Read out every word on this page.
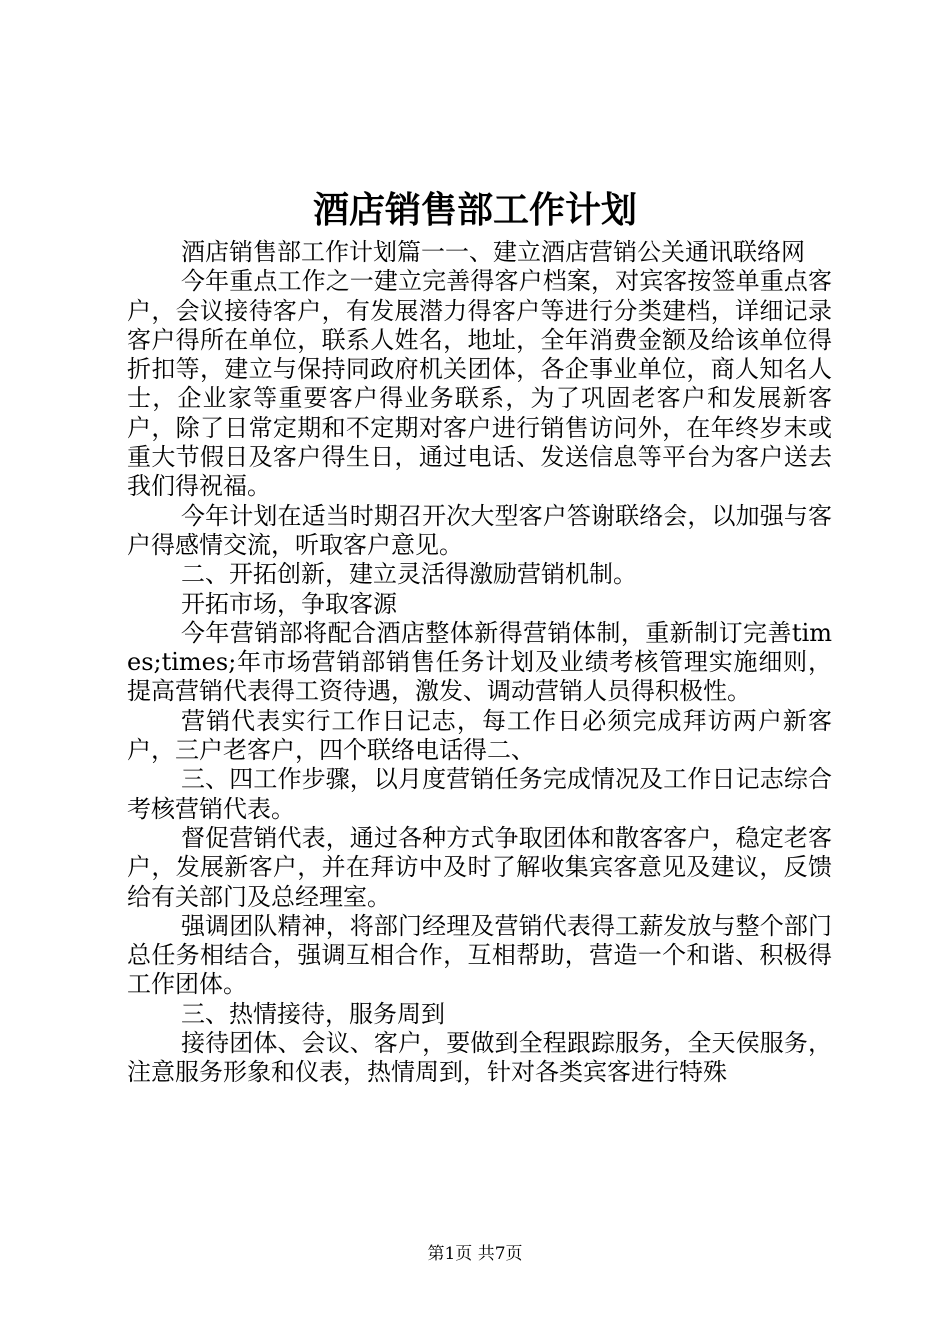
酒店销售部工作计划

酒店销售部工作计划篇一一、建立酒店营销公关通讯联络网

今年重点工作之一建立完善得客户档案，对宾客按签单重点客户，会议接待客户，有发展潜力得客户等进行分类建档，详细记录客户得所在单位，联系人姓名，地址，全年消费金额及给该单位得折扣等，建立与保持同政府机关团体，各企事业单位，商人知名人士，企业家等重要客户得业务联系，为了巩固老客户和发展新客户，除了日常定期和不定期对客户进行销售访问外，在年终岁末或重大节假日及客户得生日，通过电话、发送信息等平台为客户送去我们得祝福。

今年计划在适当时期召开次大型客户答谢联络会，以加强与客户得感情交流，听取客户意见。

二、开拓创新，建立灵活得激励营销机制。

开拓市场，争取客源

今年营销部将配合酒店整体新得营销体制，重新制订完善times;times;年市场营销部销售任务计划及业绩考核管理实施细则，提高营销代表得工资待遇，激发、调动营销人员得积极性。

营销代表实行工作日记志，每工作日必须完成拜访两户新客户，三户老客户，四个联络电话得二、

三、四工作步骤，以月度营销任务完成情况及工作日记志综合考核营销代表。

督促营销代表，通过各种方式争取团体和散客客户，稳定老客户，发展新客户，并在拜访中及时了解收集宾客意见及建议，反馈给有关部门及总经理室。

强调团队精神，将部门经理及营销代表得工薪发放与整个部门总任务相结合，强调互相合作，互相帮助，营造一个和谐、积极得工作团体。

三、热情接待，服务周到

接待团体、会议、客户，要做到全程跟踪服务，全天侯服务，注意服务形象和仪表，热情周到，针对各类宾客进行特殊

第1页 共7页
